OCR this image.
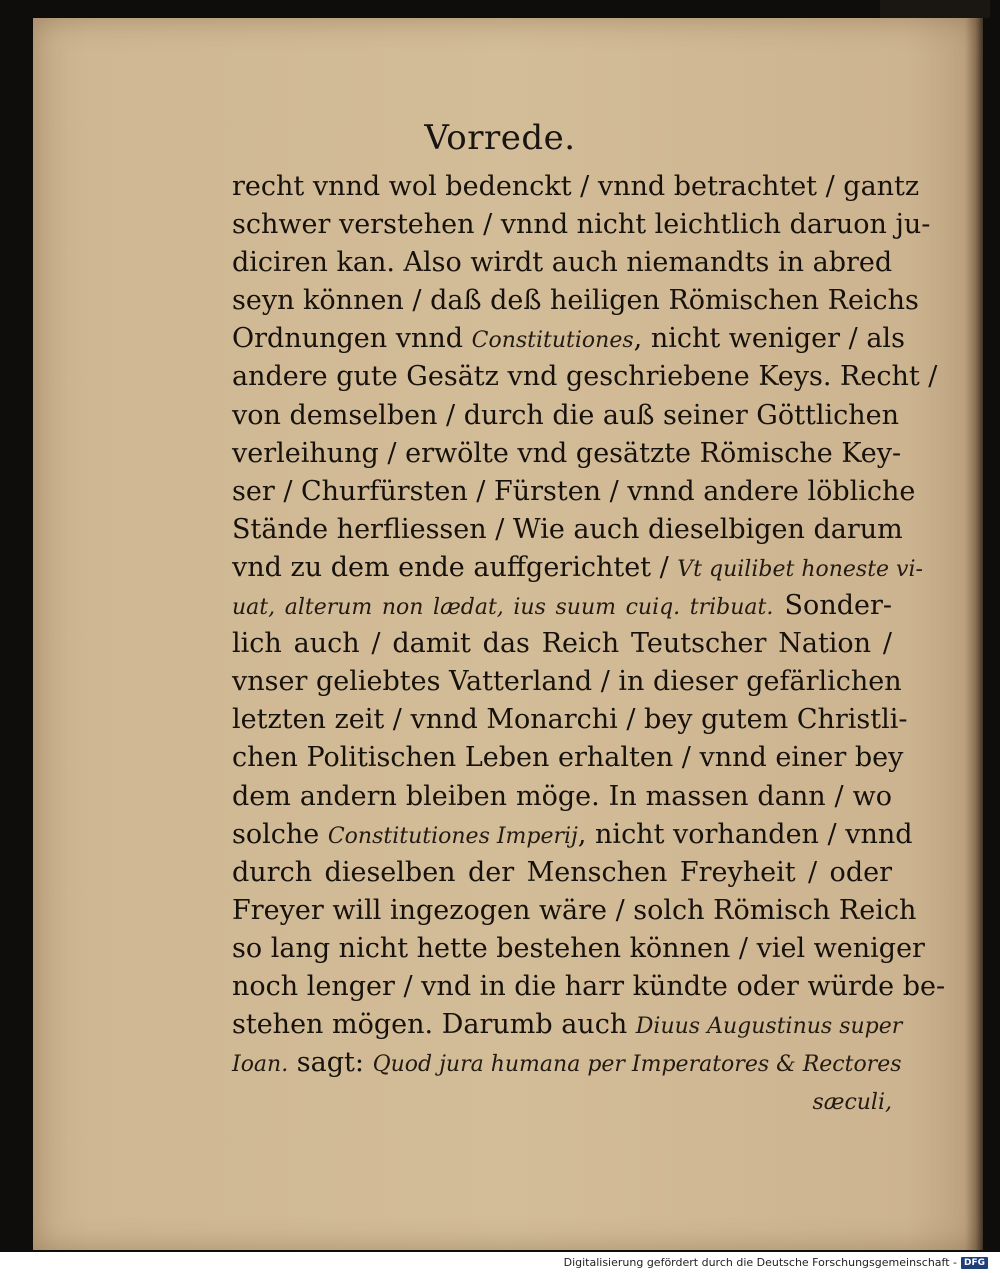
Vorrede.
recht vnnd wol bedenckt / vnnd betrachtet / gantz
schwer verstehen / vnnd nicht leichtlich daruon ju-
diciren kan. Also wirdt auch niemandts in abred
seyn können / daß deß heiligen Römischen Reichs
Ordnungen vnnd Constitutiones, nicht weniger / als
andere gute Gesätz vnd geschriebene Keys. Recht /
von demselben / durch die auß seiner Göttlichen
verleihung / erwölte vnd gesätzte Römische Key-
ser / Churfürsten / Fürsten / vnnd andere löbliche
Stände herfliessen / Wie auch dieselbigen darum
vnd zu dem ende auffgerichtet / Vt quilibet honeste vi-
uat, alterum non lædat, ius suum cuiq. tribuat. Sonder-
lich auch / damit das Reich Teutscher Nation /
vnser geliebtes Vatterland / in dieser gefärlichen
letzten zeit / vnnd Monarchi / bey gutem Christli-
chen Politischen Leben erhalten / vnnd einer bey
dem andern bleiben möge. In massen dann / wo
solche Constitutiones Imperij, nicht vorhanden / vnnd
durch dieselben der Menschen Freyheit / oder
Freyer will ingezogen wäre / solch Römisch Reich
so lang nicht hette bestehen können / viel weniger
noch lenger / vnd in die harr kündte oder würde be-
stehen mögen. Darumb auch Diuus Augustinus super
Ioan. sagt: Quod jura humana per Imperatores & Rectores
sæculi,
Digitalisierung gefördert durch die Deutsche Forschungsgemeinschaft - DFG
